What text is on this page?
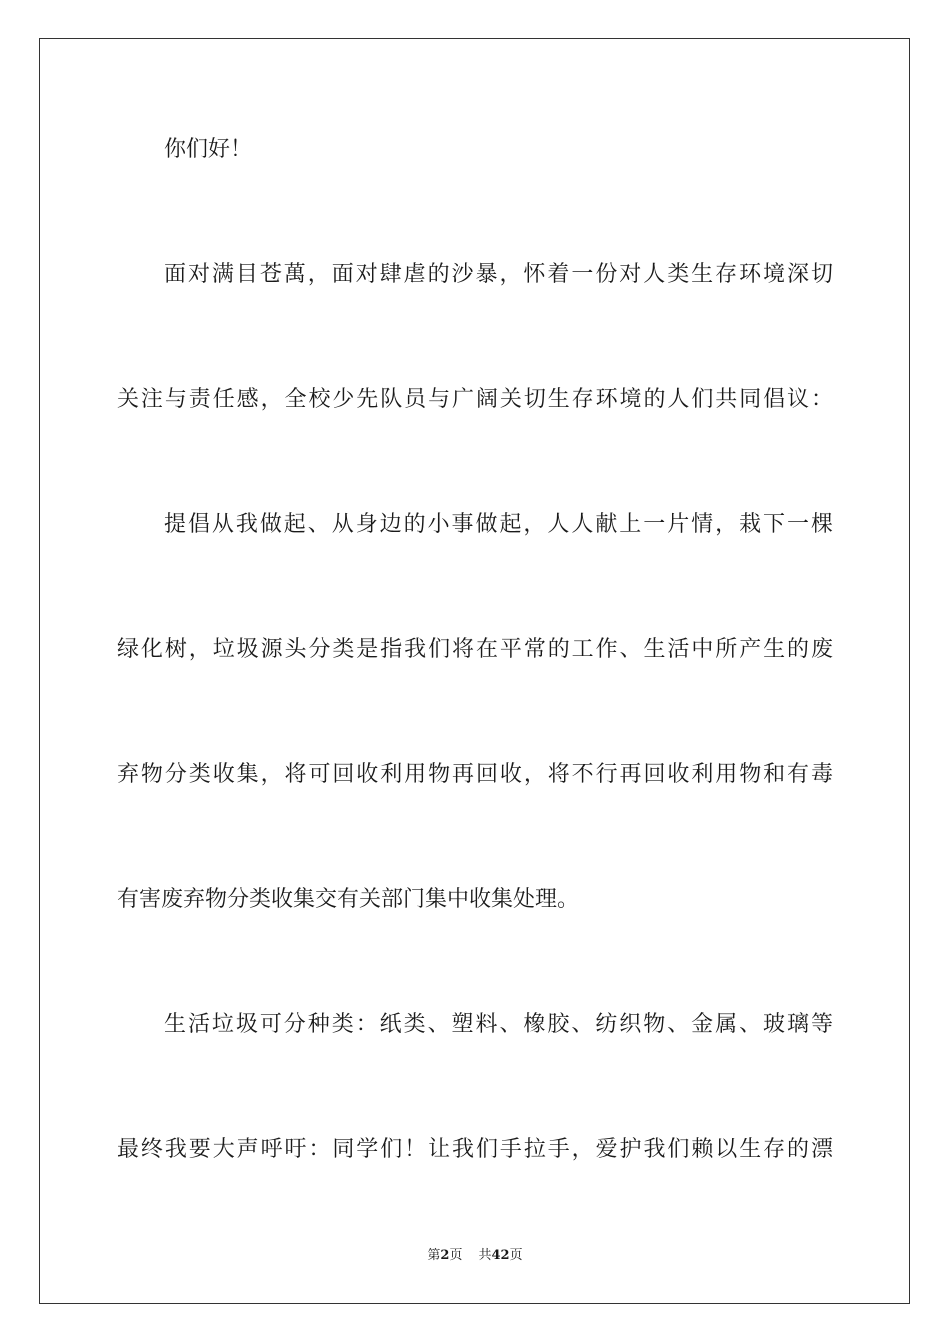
你们好！
面对满目苍萬，面对肆虐的沙暴，怀着一份对人类生存环境深切
关注与责任感，全校少先队员与广阔关切生存环境的人们共同倡议：
提倡从我做起、从身边的小事做起，人人献上一片情，栽下一棵
绿化树，垃圾源头分类是指我们将在平常的工作、生活中所产生的废
弃物分类收集，将可回收利用物再回收，将不行再回收利用物和有毒
有害废弃物分类收集交有关部门集中收集处理。
生活垃圾可分种类：纸类、塑料、橡胶、纺织物、金属、玻璃等
最终我要大声呼吁：同学们！让我们手拉手，爱护我们赖以生存的漂
第2页 共42页
